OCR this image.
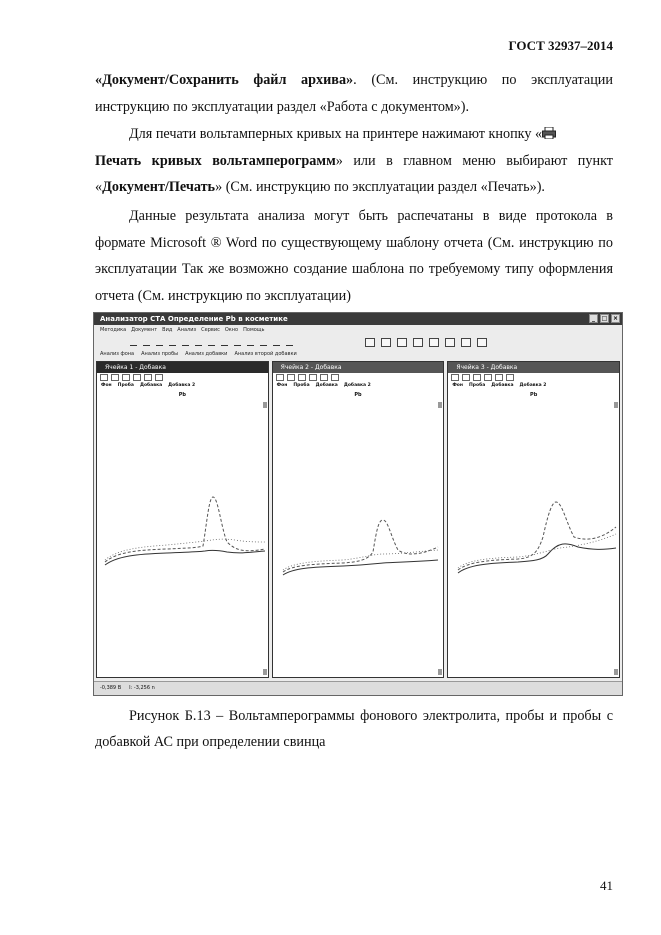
ГОСТ 32937–2014
«Документ/Сохранить файл архива». (См. инструкцию по эксплуатации инструкцию по эксплуатации раздел «Работа с документом»).
Для печати вольтамперных кривых на принтере нажимают кнопку «
Печать кривых вольтамперограмм» или в главном меню выбирают пункт «Документ/Печать» (См. инструкцию по эксплуатации раздел «Печать»).
Данные результата анализа могут быть распечатаны в виде протокола в формате Microsoft ® Word по существующему шаблону отчета (См. инструкцию по эксплуатации Так же возможно создание шаблона по требуемому типу оформления отчета (См. инструкцию по эксплуатации)
Анализатор СТА Определение Pb в косметике	_	□ ×
Методика Документ Вид Анализ Сервис Окно Помощь
Анализ фона Анализ пробы Анализ добавки Анализ второй добавки
Ячейка 1 - Добавка
Фон Проба Добавка Добавка 2
Pb
Ячейка 2 - Добавка
Фон Проба Добавка Добавка 2
Pb
Ячейка 3 - Добавка
Фон Проба Добавка Добавка 2
Pb
-0,389 В I: -3,256 n
Рисунок Б.13 – Вольтамперограммы фонового электролита, пробы и пробы с добавкой АС при определении свинца
41
